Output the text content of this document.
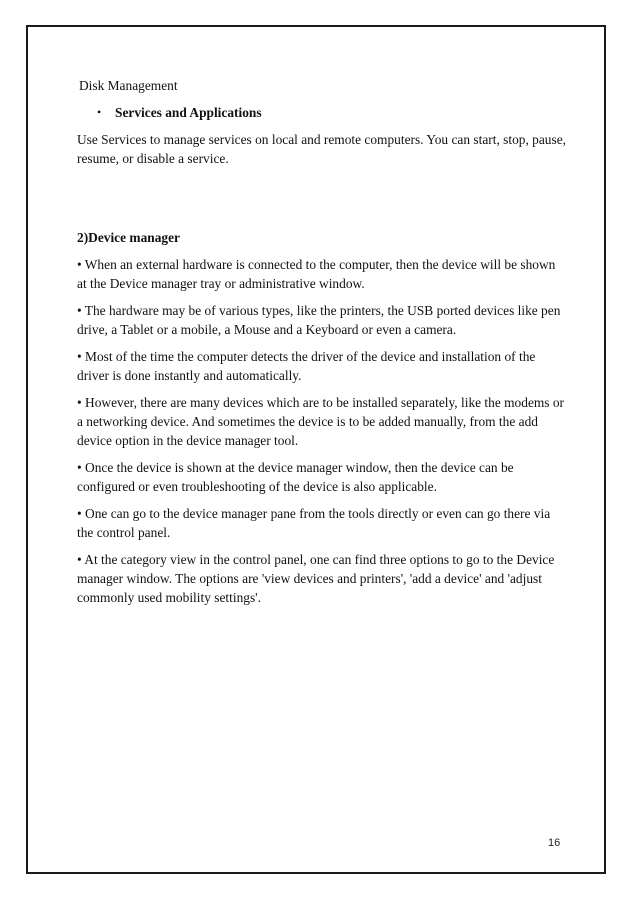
Disk Management
•	Services and Applications

Use Services to manage services on local and remote computers. You can start, stop, pause, resume, or disable a service.

2)Device manager

• When an external hardware is connected to the computer, then the device will be shown at the Device manager tray or administrative window.

• The hardware may be of various types, like the printers, the USB ported devices like pen drive, a Tablet or a mobile, a Mouse and a Keyboard or even a camera.

• Most of the time the computer detects the driver of the device and installation of the driver is done instantly and automatically.

• However, there are many devices which are to be installed separately, like the modems or a networking device. And sometimes the device is to be added manually, from the add device option in the device manager tool.

• Once the device is shown at the device manager window, then the device can be configured or even troubleshooting of the device is also applicable.

• One can go to the device manager pane from the tools directly or even can go there via the control panel.

• At the category view in the control panel, one can find three options to go to the Device manager window. The options are 'view devices and printers', 'add a device' and 'adjust commonly used mobility settings'.

16
